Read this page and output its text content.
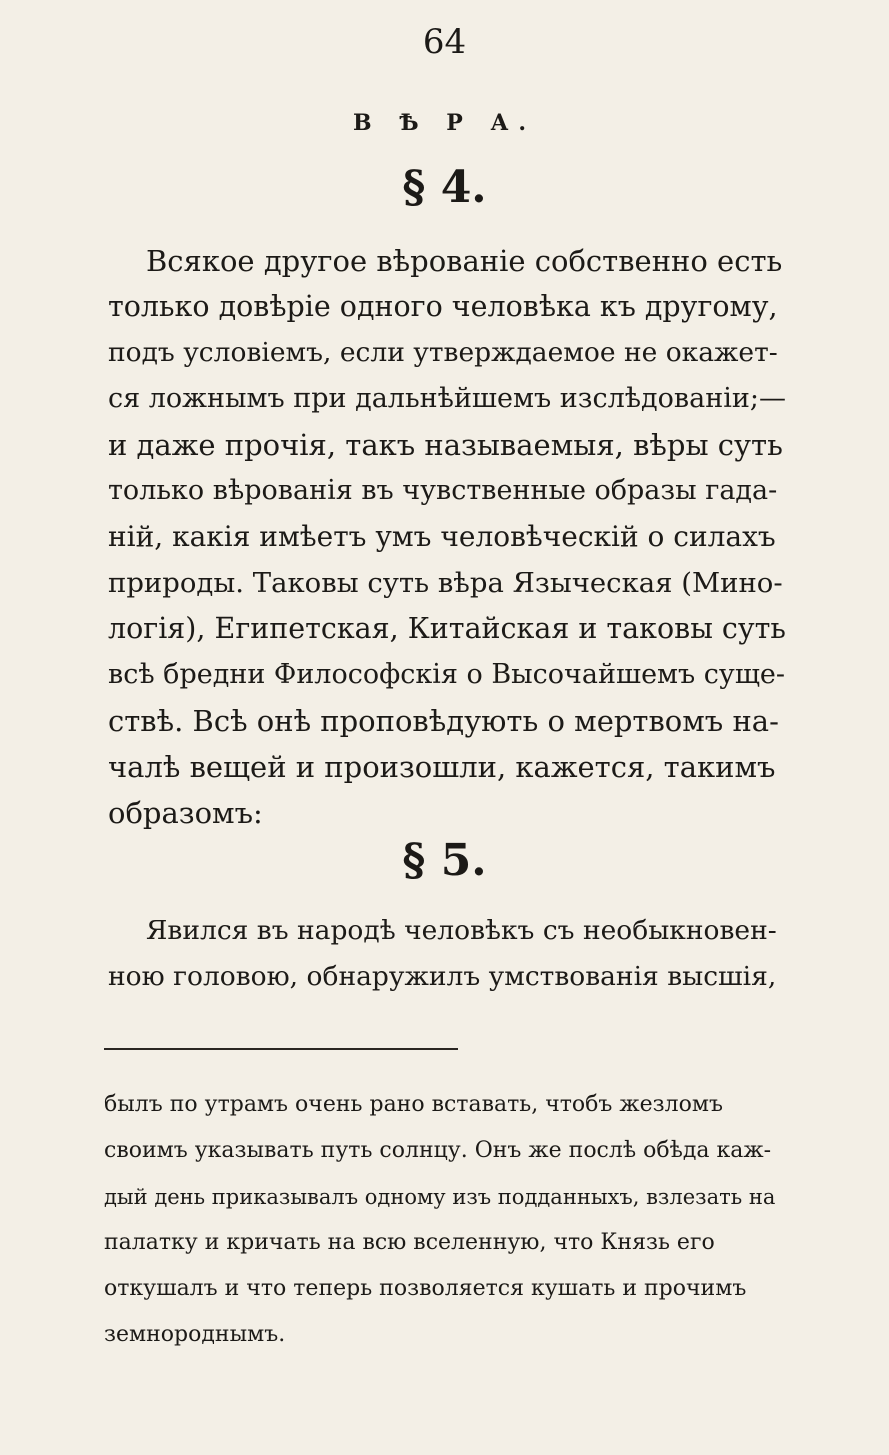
64
В Ѣ Р А.
§ 4.
Всякое другое вѣрованіе собственно есть
только довѣріе одного человѣка къ другому,
подъ условіемъ, если утверждаемое не окажет-
ся ложнымъ при дальнѣйшемъ изслѣдованіи;—
и даже прочія, такъ называемыя, вѣры суть
только вѣрованія въ чувственные образы гада-
ній, какія имѣетъ умъ человѣческій о силахъ
природы. Таковы суть вѣра Языческая (Мино-
логія), Египетская, Китайская и таковы суть
всѣ бредни Философскія о Высочайшемъ суще-
ствѣ. Всѣ онѣ проповѣдують о мертвомъ на-
чалѣ вещей и произошли, кажется, такимъ
образомъ:
§ 5.
Явился въ народѣ человѣкъ съ необыкновен-
ною головою, обнаружилъ умствованія высшія,
былъ по утрамъ очень рано вставать, чтобъ жезломъ
своимъ указывать путь солнцу. Онъ же послѣ обѣда каж-
дый день приказывалъ одному изъ подданныхъ, взлезать на
палатку и кричать на всю вселенную, что Князь его
откушалъ и что теперь позволяется кушать и прочимъ
земнороднымъ.
